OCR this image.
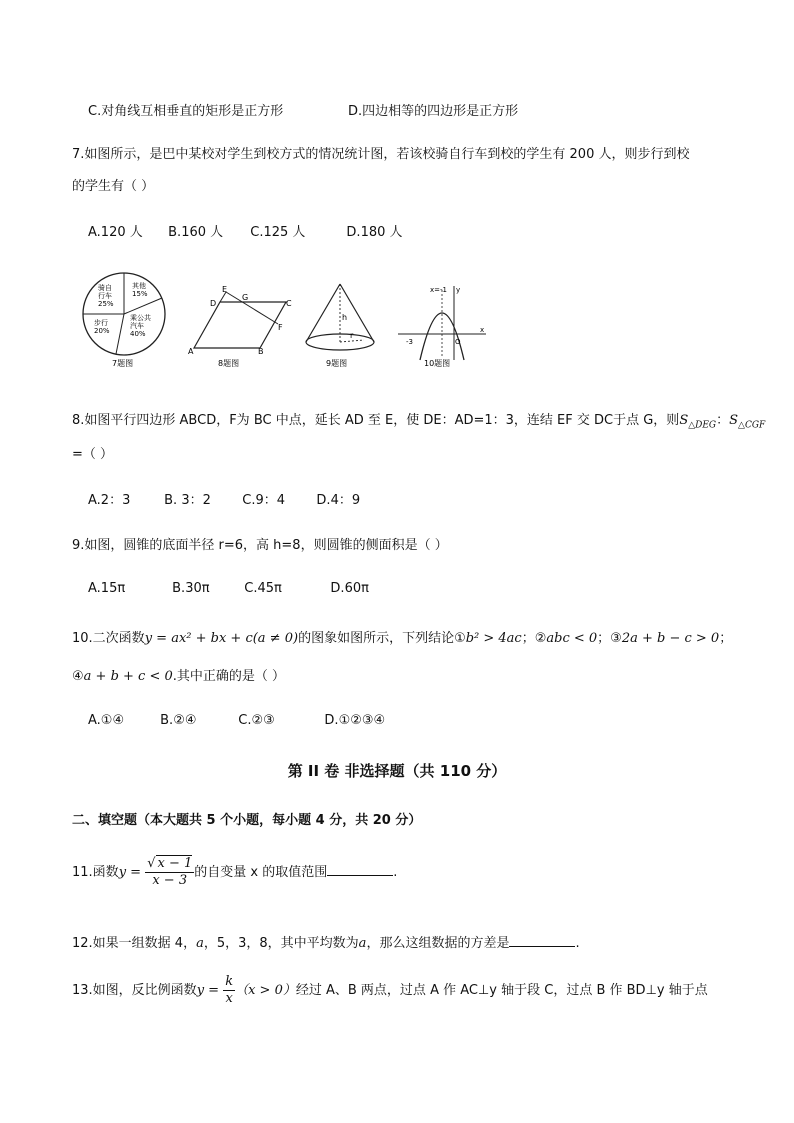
C.对角线互相垂直的矩形是正方形	D.四边相等的四边形是正方形
7.如图所示，是巴中某校对学生到校方式的情况统计图，若该校骑自行车到校的学生有 200 人，则步行到校
的学生有（ ）
A.120 人 B.160 人 C.125 人	D.180 人
骑自
行车
25%
其他
15%
步行
20%
乘公共
汽车
40%
7题图
E
D
G
C
F
A	B
8题图
h
r
9题图
x=-1 y
-3	O
x
10题图
8.如图平行四边形 ABCD，F为 BC 中点，延长 AD 至 E，使 DE：AD=1：3，连结 EF 交 DC于点 G，则$S_{\triangle DEG}$：$S_{\triangle CGF}$
=（ ）
A.2：3	B. 3：2 C.9：4 D.4：9
9.如图，圆锥的底面半径 r=6，高 h=8，则圆锥的侧面积是（ ）
A.15π	B.30π	C.45π	D.60π
10.二次函数y = ax² + bx + c(a ≠ 0)的图象如图所示，下列结论①b² > 4ac；②abc < 0；③2a + b − c > 0；
④a + b + c < 0.其中正确的是（ ）
A.①④	B.②④	C.②③	D.①②③④
第 II 卷 非选择题（共 110 分）
二、填空题（本大题共 5 个小题，每小题 4 分，共 20 分）
11.函数$y = \frac{√ x - 1}{x - 3}$ 的自变量 x 的取值范围	.
12.如果一组数据 4，a，5，3，8，其中平均数为a，那么这组数据的方差是	.
13.如图，反比例函数$y = \frac{k}{x} (x > 0)$经过 A、B 两点，过点 A 作 AC⊥y 轴于段 C，过点 B 作 BD⊥y 轴于点
